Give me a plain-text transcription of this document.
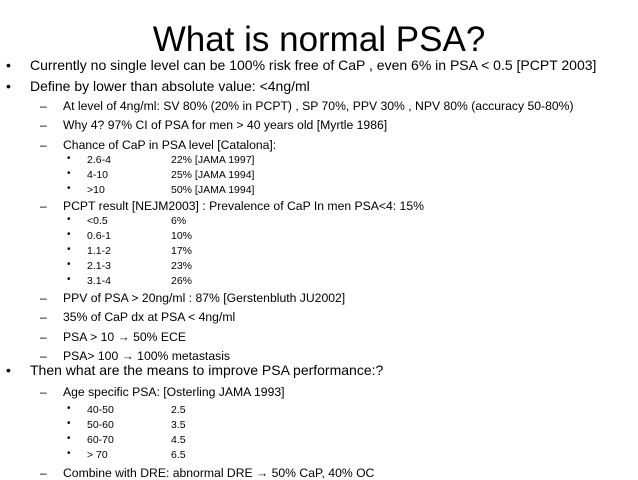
What is normal PSA?
• Currently no single level can be 100% risk free of CaP , even 6% in PSA < 0.5 [PCPT 2003]
• Define by lower than absolute value: <4ng/ml
– At level of 4ng/ml: SV 80% (20% in PCPT) , SP 70%, PPV 30% , NPV 80% (accuracy 50-80%)
– Why 4? 97% CI of PSA for men > 40 years old [Myrtle 1986]
– Chance of CaP in PSA level [Catalona]:
• 2.6-4	22% [JAMA 1997]
• 4-10	25% [JAMA 1994]
• >10	50% [JAMA 1994]
– PCPT result [NEJM2003] : Prevalence of CaP In men PSA<4: 15%
• <0.5	6%
• 0.6-1	10%
• 1.1-2	17%
• 2.1-3	23%
• 3.1-4	26%
– PPV of PSA > 20ng/ml : 87% [Gerstenbluth JU2002]
– 35% of CaP dx at PSA < 4ng/ml
– PSA > 10 → 50% ECE
– PSA> 100 → 100% metastasis
• Then what are the means to improve PSA performance:?
– Age specific PSA: [Osterling JAMA 1993]
• 40-50	2.5
• 50-60	3.5
• 60-70	4.5
• > 70	6.5
– Combine with DRE: abnormal DRE → 50% CaP, 40% OC
